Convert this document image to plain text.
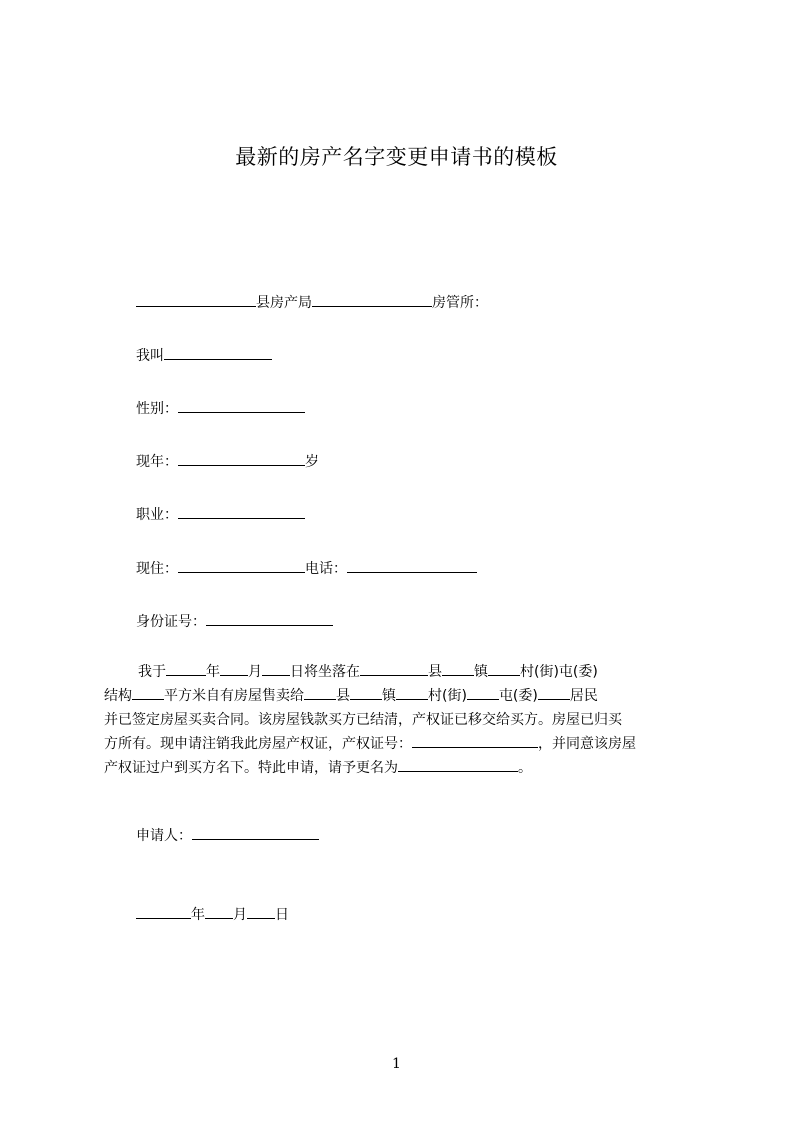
最新的房产名字变更申请书的模板
县房产局	房管所：
我叫
性别：
现年：	岁
职业：
现住：	电话：
身份证号：
我于	年 月 日将坐落在	县 镇 村(街)屯(委)
结构 平方米自有房屋售卖给 县 镇 村(街) 屯(委) 居民
并已签定房屋买卖合同。该房屋钱款买方已结清，产权证已移交给买方。房屋已归买
方所有。现申请注销我此房屋产权证，产权证号：	，并同意该房屋
产权证过户到买方名下。特此申请，请予更名为	。
申请人：
年 月 日
1
